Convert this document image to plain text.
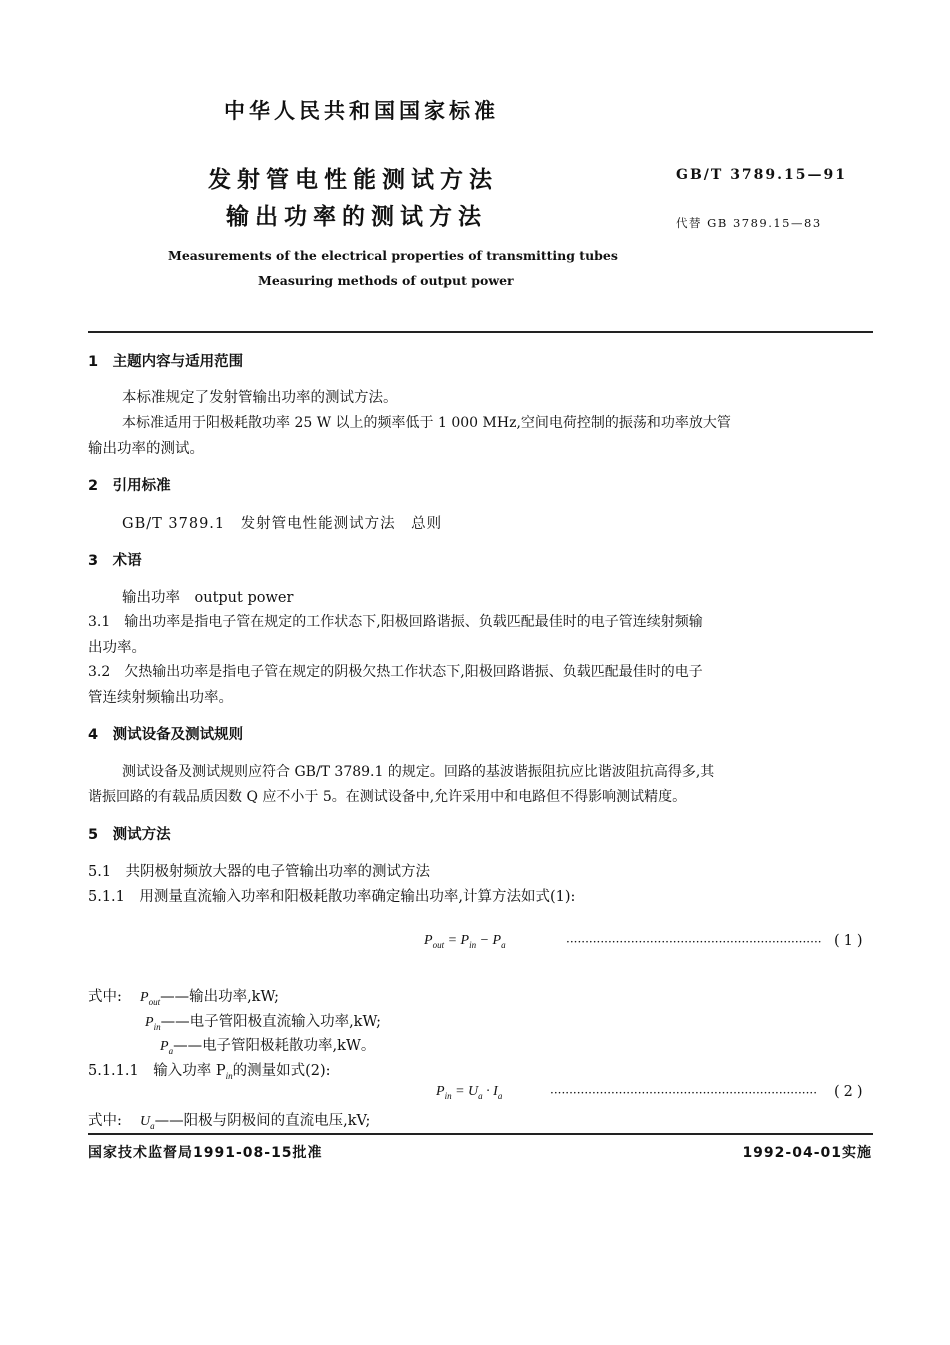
中华人民共和国国家标准
发射管电性能测试方法
输出功率的测试方法
GB/T 3789.15—91
代替 GB 3789.15—83
Measurements of the electrical properties of transmitting tubes
Measuring methods of output power
1　主题内容与适用范围
本标准规定了发射管输出功率的测试方法。
本标准适用于阳极耗散功率 25 W 以上的频率低于 1 000 MHz,空间电荷控制的振荡和功率放大管
输出功率的测试。
2　引用标准
GB/T 3789.1　发射管电性能测试方法　总则
3　术语
输出功率　output power
3.1　输出功率是指电子管在规定的工作状态下,阳极回路谐振、负载匹配最佳时的电子管连续射频输
出功率。
3.2　欠热输出功率是指电子管在规定的阴极欠热工作状态下,阳极回路谐振、负载匹配最佳时的电子
管连续射频输出功率。
4　测试设备及测试规则
测试设备及测试规则应符合 GB/T 3789.1 的规定。回路的基波谐振阻抗应比谐波阻抗高得多,其
谐振回路的有载品质因数 Q 应不小于 5。在测试设备中,允许采用中和电路但不得影响测试精度。
5　测试方法
5.1　共阴极射频放大器的电子管输出功率的测试方法
5.1.1　用测量直流输入功率和阳极耗散功率确定输出功率,计算方法如式(1):
$P_{out} = P_{in} - P_a$	··································································· (1)
式中: $P_{out}——$输出功率,kW;
$P_{in}——$电子管阳极直流输入功率,kW;
$P_a——$电子管阳极耗散功率,kW。
5.1.1.1　输入功率 $P_{in}$的测量如式(2):
$P_{in} = U_a \cdot I_a$	······································································ (2)
式中: $U_a——$阳极与阴极间的直流电压,kV;
国家技术监督局1991-08-15批准	1992-04-01实施
